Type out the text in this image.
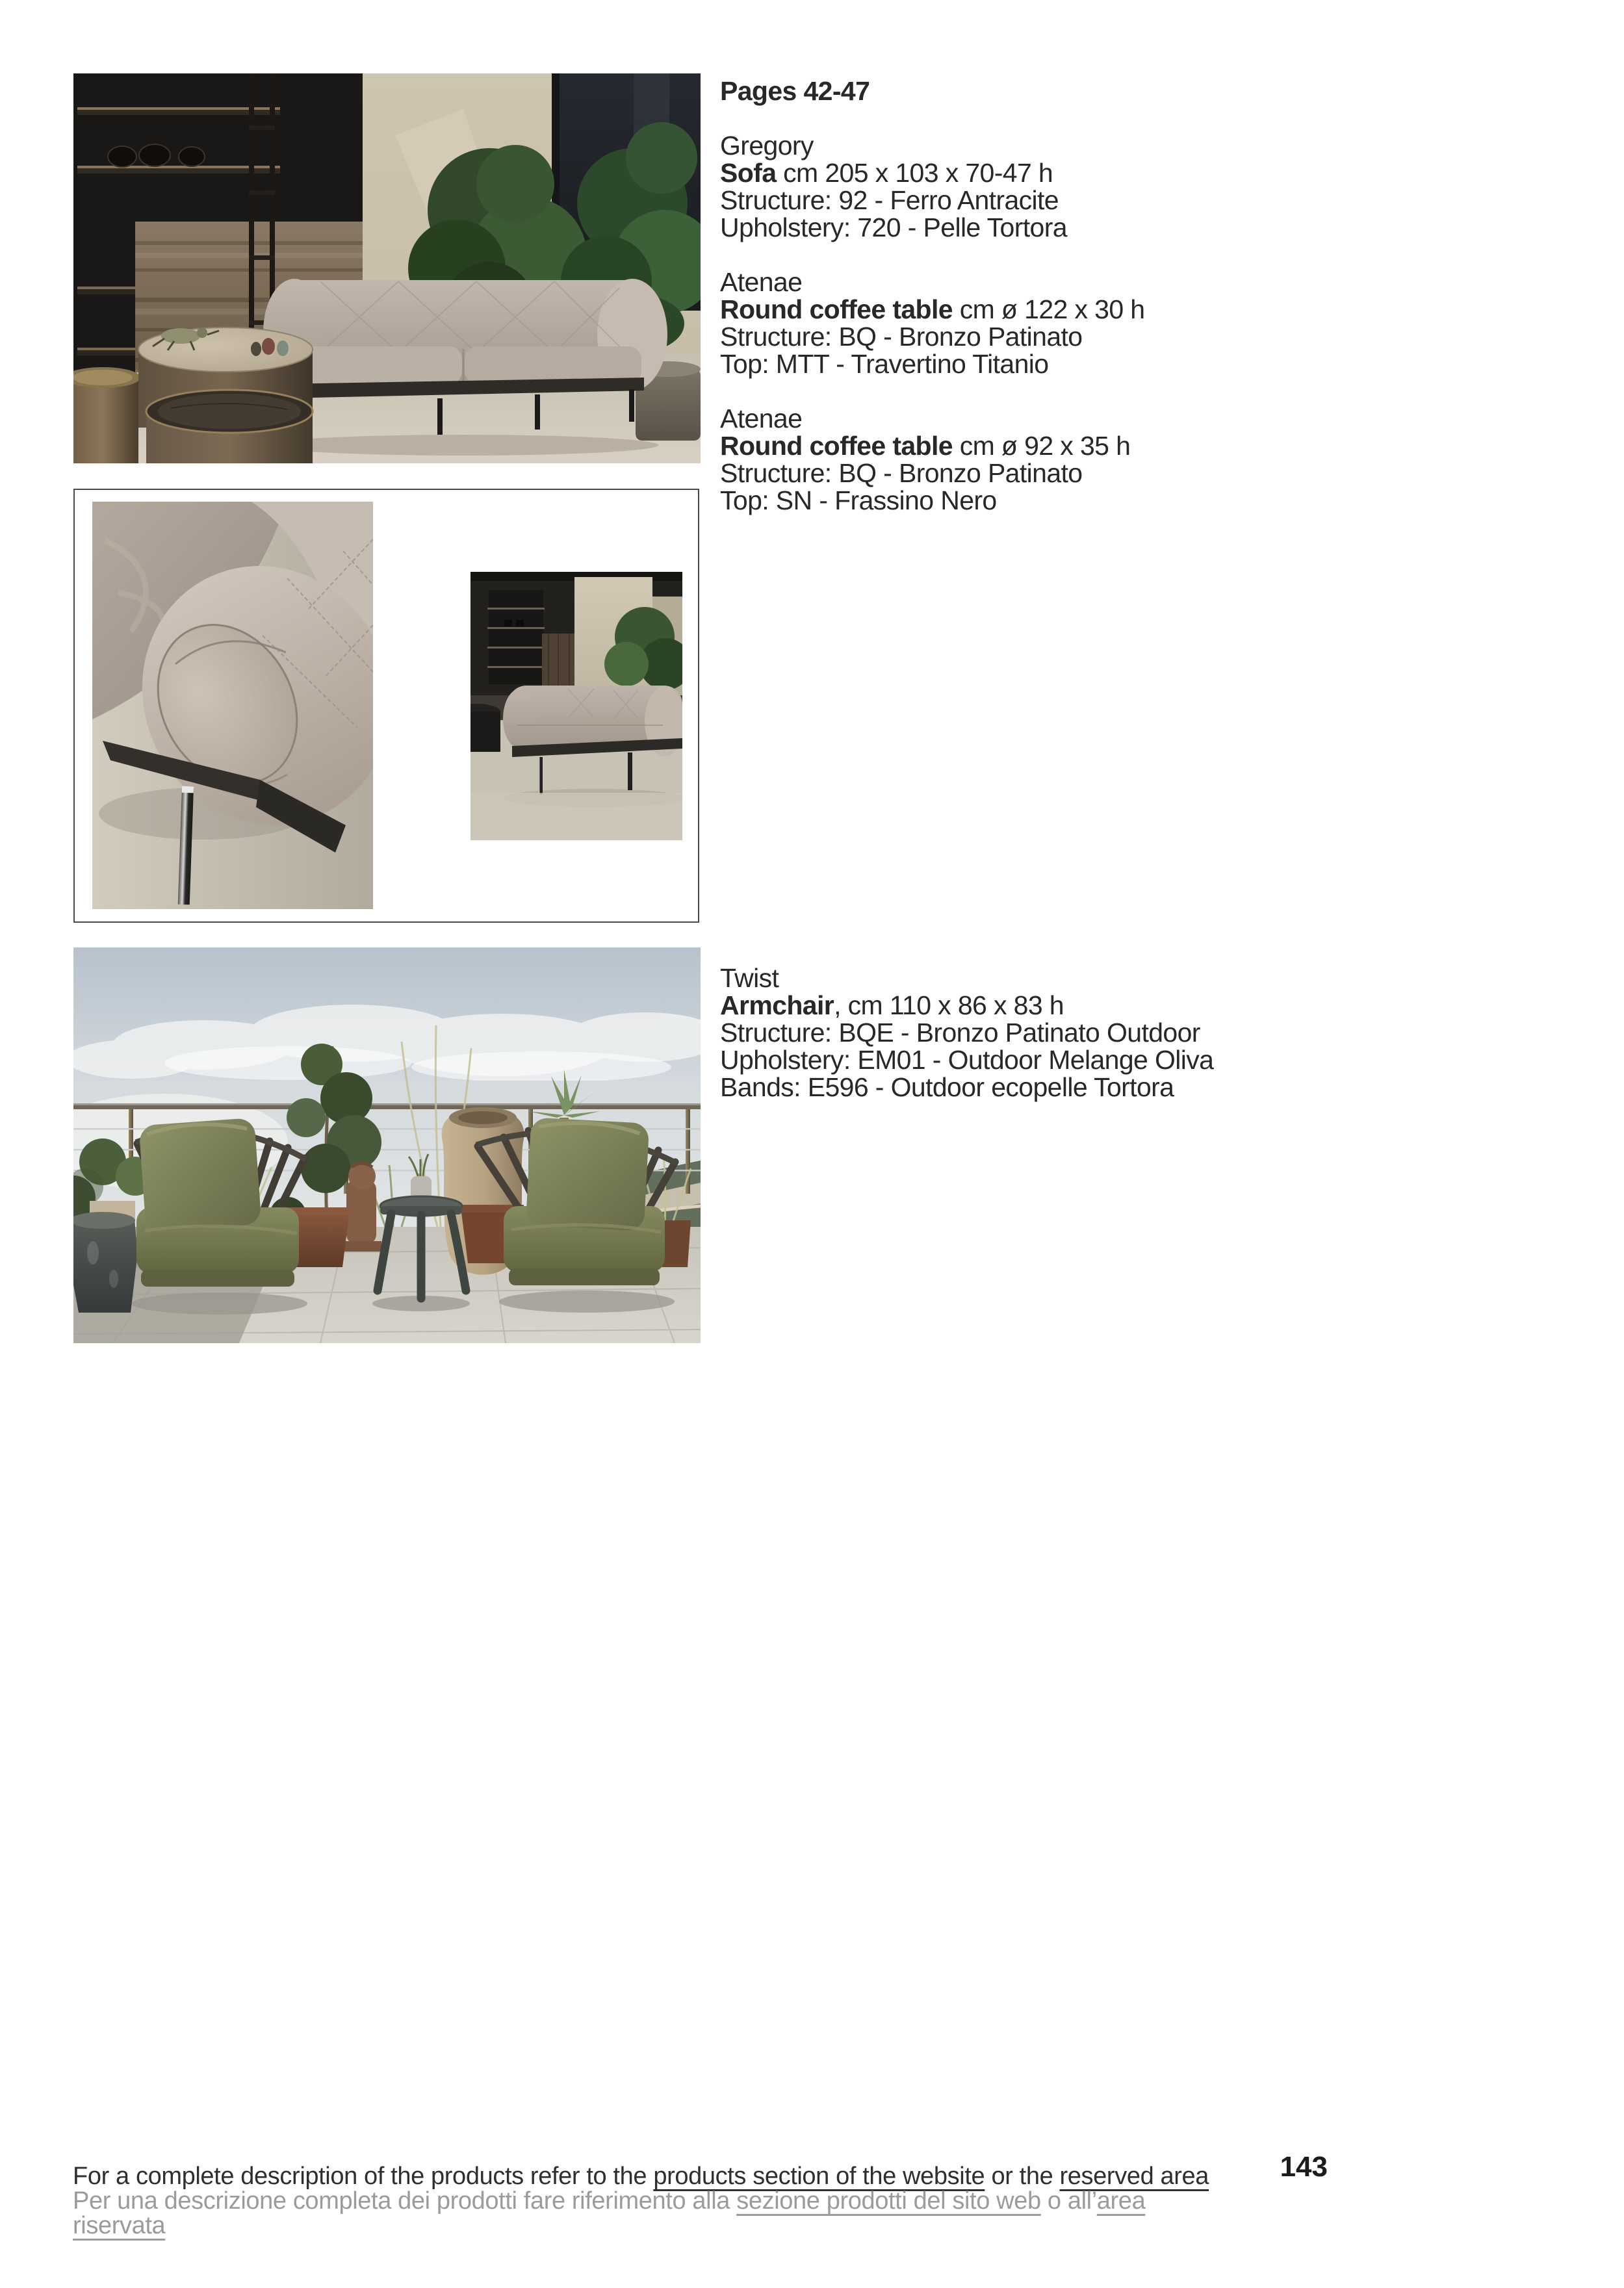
Pages 42-47

Gregory

Sofa cm 205 x 103 x 70-47 h

Structure: 92 - Ferro Antracite

Upholstery: 720 - Pelle Tortora

Atenae

Round coffee table cm ø 122 x 30 h

Structure: BQ - Bronzo Patinato

Top: MTT - Travertino Titanio

Atenae

Round coffee table cm ø 92 x 35 h

Structure: BQ - Bronzo Patinato

Top: SN - Frassino Nero

Twist

Armchair, cm 110 x 86 x 83 h

Structure: BQE - Bronzo Patinato Outdoor

Upholstery: EM01 - Outdoor Melange Oliva

Bands: E596 - Outdoor ecopelle Tortora

For a complete description of the products refer to the products section of the website or the reserved area

Per una descrizione completa dei prodotti fare riferimento alla sezione prodotti del sito web o all’area riservata

143
